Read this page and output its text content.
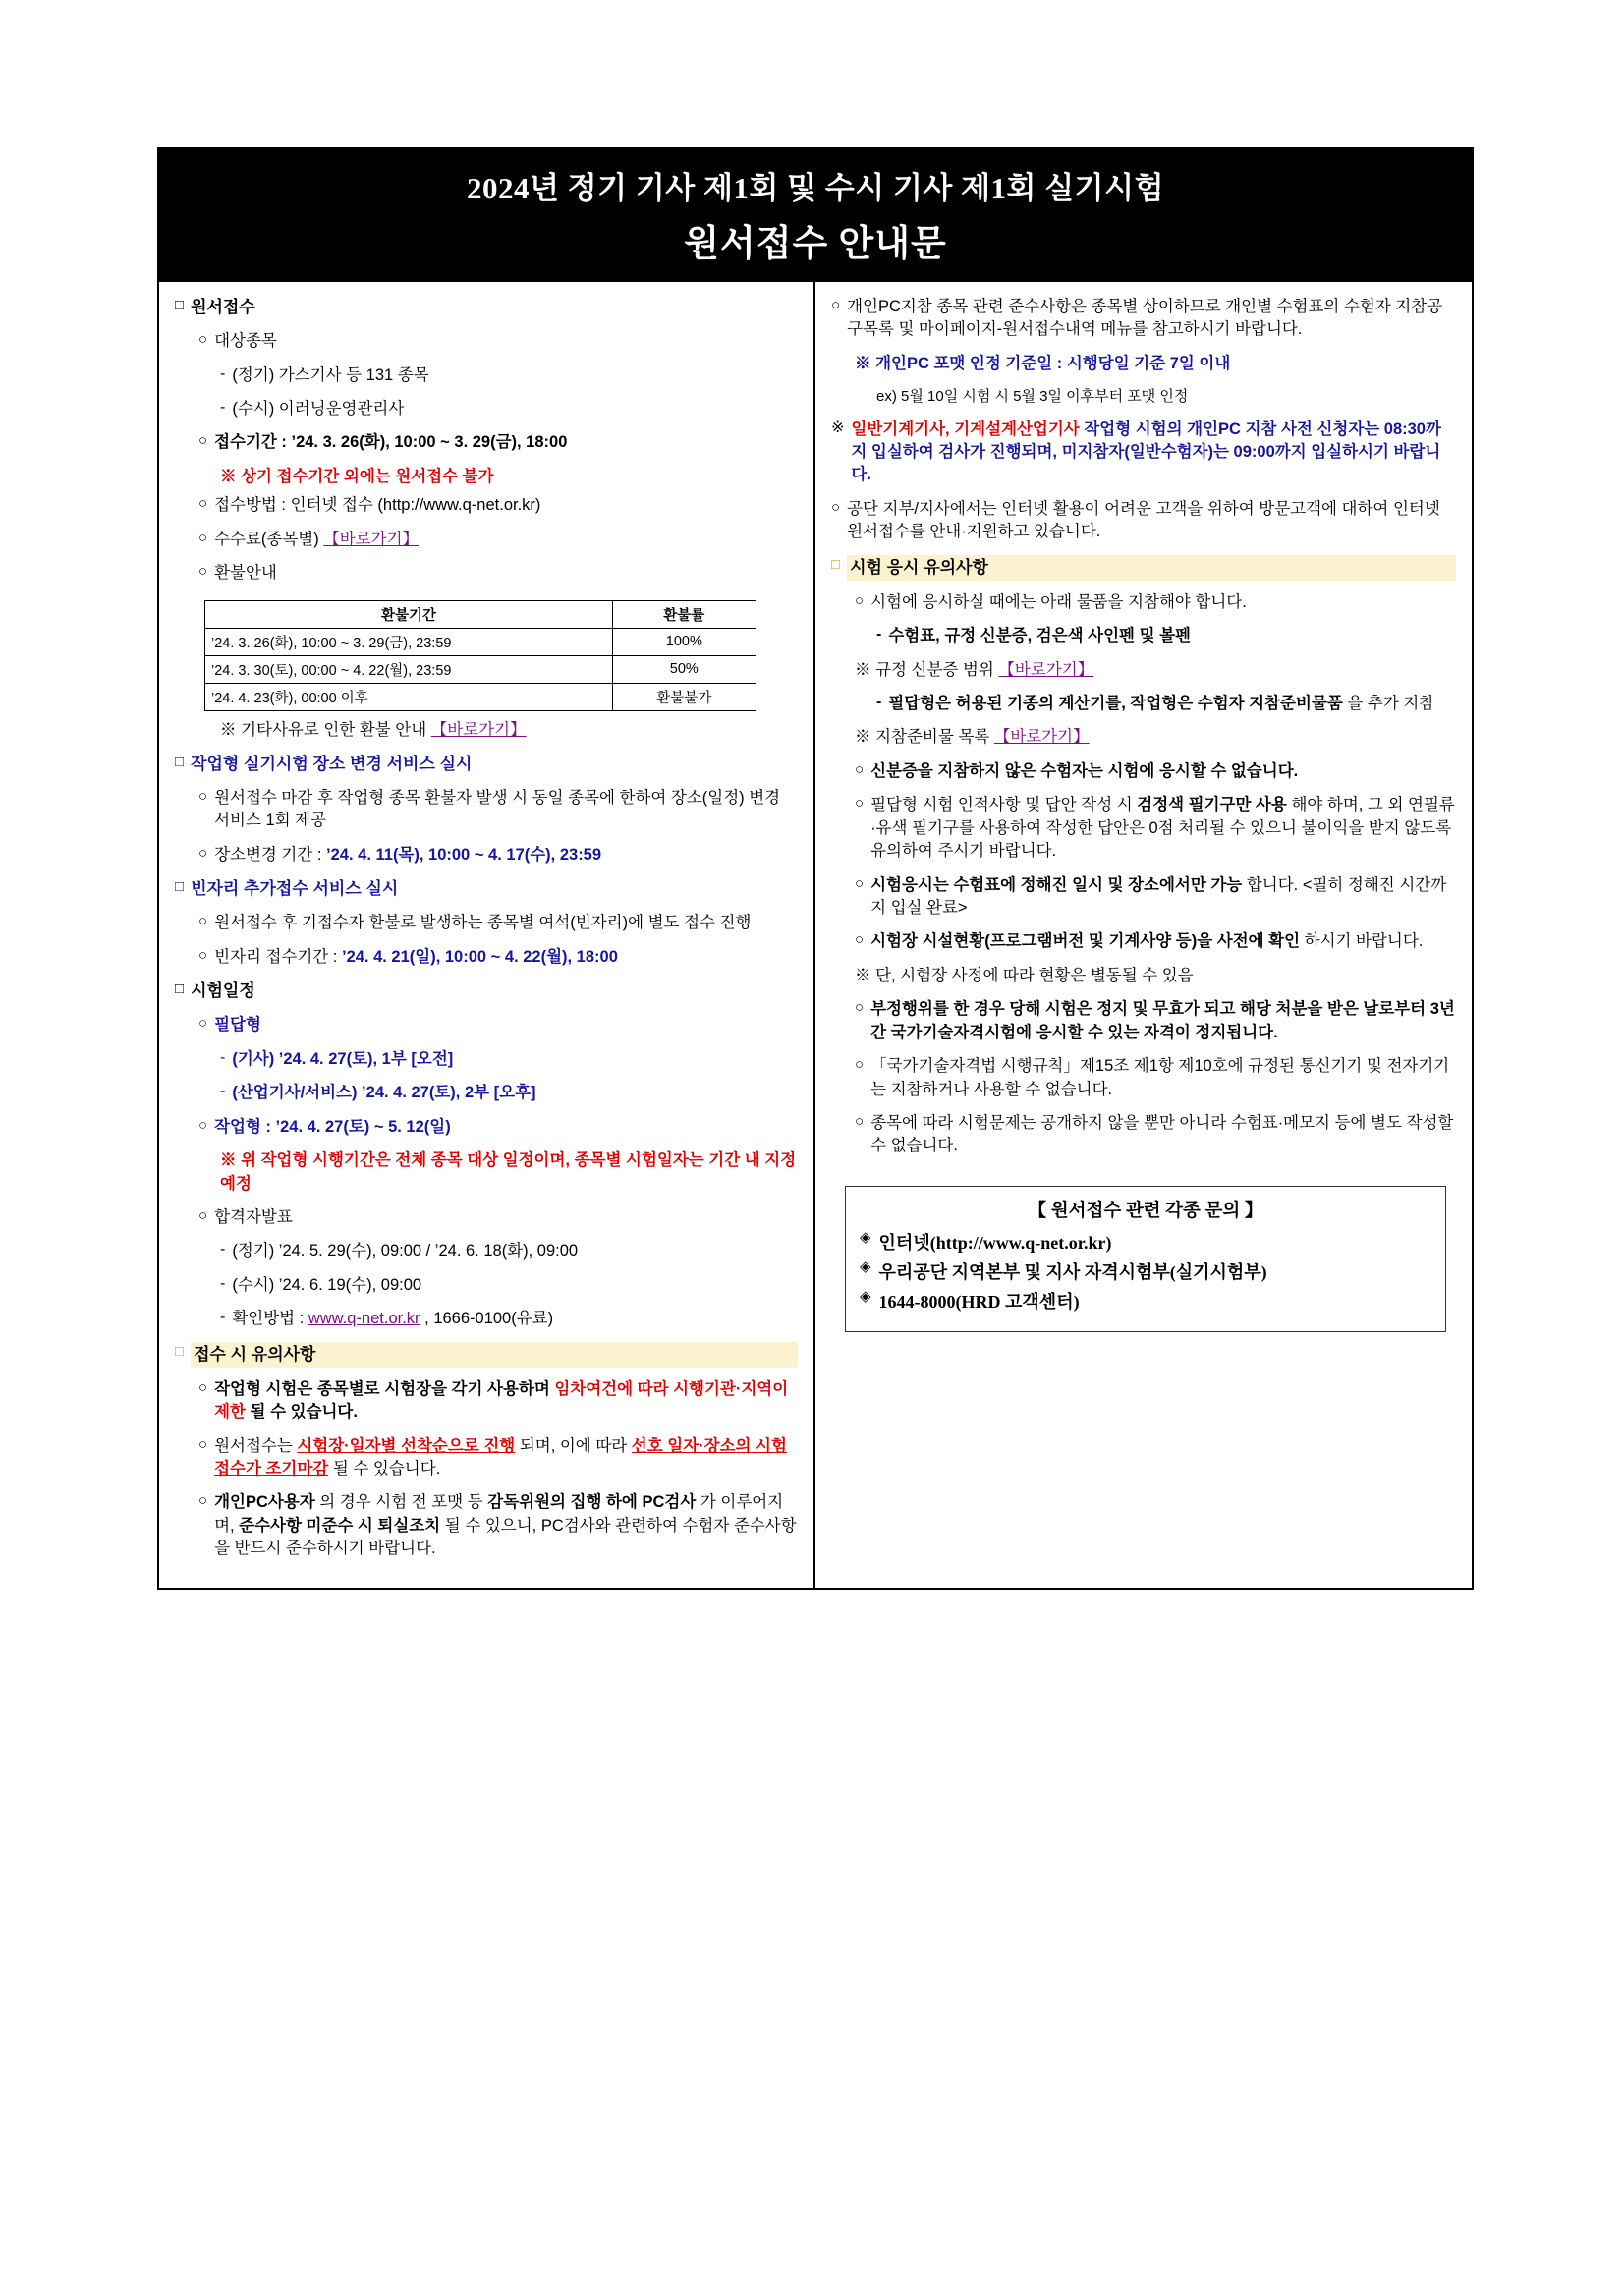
2024년 정기 기사 제1회 및 수시 기사 제1회 실기시험
원서접수 안내문
□ 원서접수
○ 대상종목
- (정기) 가스기사 등 131 종목
- (수시) 이러닝운영관리사
○ 접수기간 : ’24. 3. 26(화), 10:00 ~ 3. 29(금), 18:00
※ 상기 접수기간 외에는 원서접수 불가
○ 접수방법 : 인터넷 접수 (http://www.q-net.or.kr)
○ 수수료(종목별) 【바로가기】
○ 환불안내
환불기간	환불률
’24. 3. 26(화), 10:00 ~ 3. 29(금), 23:59	100%
’24. 3. 30(토), 00:00 ~ 4. 22(월), 23:59	50%
’24. 4. 23(화), 00:00 이후	환불불가
※ 기타사유로 인한 환불 안내 【바로가기】
□ 작업형 실기시험 장소 변경 서비스 실시
○ 원서접수 마감 후 작업형 종목 환불자 발생 시 동일 종목에 한하여 장소(일정) 변경 서비스 1회 제공
○ 장소변경 기간 : ’24. 4. 11(목), 10:00 ~ 4. 17(수), 23:59
□ 빈자리 추가접수 서비스 실시
○ 원서접수 후 기접수자 환불로 발생하는 종목별 여석(빈자리)에 별도 접수 진행
○ 빈자리 접수기간 : ’24. 4. 21(일), 10:00 ~ 4. 22(월), 18:00
□ 시험일정
○ 필답형
- (기사) ’24. 4. 27(토), 1부 [오전]
- (산업기사/서비스) ’24. 4. 27(토), 2부 [오후]
○ 작업형 : ’24. 4. 27(토) ~ 5. 12(일)
※ 위 작업형 시행기간은 전체 종목 대상 일정이며, 종목별 시험일자는 기간 내 지정 예정
○ 합격자발표
- (정기) ’24. 5. 29(수), 09:00 / ’24. 6. 18(화), 09:00
- (수시) ’24. 6. 19(수), 09:00
- 확인방법 : www.q-net.or.kr , 1666-0100(유료)
□ 접수 시 유의사항
○ 작업형 시험은 종목별로 시험장을 각기 사용하며 임차여건에 따라 시행기관·지역이 제한 될 수 있습니다.
○ 원서접수는 시험장·일자별 선착순으로 진행 되며, 이에 따라 선호 일자·장소의 시험접수가 조기마감 될 수 있습니다.
○ 개인PC사용자 의 경우 시험 전 포맷 등 감독위원의 집행 하에 PC검사 가 이루어지며, 준수사항 미준수 시 퇴실조치 될 수 있으니, PC검사와 관련하여 수험자 준수사항을 반드시 준수하시기 바랍니다.
○ 개인PC지참 종목 관련 준수사항은 종목별 상이하므로 개인별 수험표의 수험자 지참공구목록 및 마이페이지-원서접수내역 메뉴를 참고하시기 바랍니다.
※ 개인PC 포맷 인정 기준일 : 시행당일 기준 7일 이내
ex) 5월 10일 시험 시 5월 3일 이후부터 포맷 인정
※ 일반기계기사, 기계설계산업기사 작업형 시험의 개인PC 지참 사전 신청자는 08:30까지 입실하여 검사가 진행되며, 미지참자(일반수험자)는 09:00까지 입실하시기 바랍니다.
○ 공단 지부/지사에서는 인터넷 활용이 어려운 고객을 위하여 방문고객에 대하여 인터넷 원서접수를 안내·지원하고 있습니다.
□ 시험 응시 유의사항
○ 시험에 응시하실 때에는 아래 물품을 지참해야 합니다.
- 수험표, 규정 신분증, 검은색 사인펜 및 볼펜
※ 규정 신분증 범위 【바로가기】
- 필답형은 허용된 기종의 계산기를, 작업형은 수험자 지참준비물품 을 추가 지참
※ 지참준비물 목록 【바로가기】
○ 신분증을 지참하지 않은 수험자는 시험에 응시할 수 없습니다.
○ 필답형 시험 인적사항 및 답안 작성 시 검정색 필기구만 사용 해야 하며, 그 외 연필류·유색 필기구를 사용하여 작성한 답안은 0점 처리될 수 있으니 불이익을 받지 않도록 유의하여 주시기 바랍니다.
○ 시험응시는 수험표에 정해진 일시 및 장소에서만 가능 합니다. <필히 정해진 시간까지 입실 완료>
○ 시험장 시설현황(프로그램버전 및 기계사양 등)을 사전에 확인 하시기 바랍니다.
※ 단, 시험장 사정에 따라 현황은 별동될 수 있음
○ 부정행위를 한 경우 당해 시험은 정지 및 무효가 되고 해당 처분을 받은 날로부터 3년간 국가기술자격시험에 응시할 수 있는 자격이 정지됩니다.
○ 「국가기술자격법 시행규칙」제15조 제1항 제10호에 규정된 통신기기 및 전자기기는 지참하거나 사용할 수 없습니다.
○ 종목에 따라 시험문제는 공개하지 않을 뿐만 아니라 수험표·메모지 등에 별도 작성할 수 없습니다.
【 원서접수 관련 각종 문의 】
◈ 인터넷(http://www.q-net.or.kr)
◈ 우리공단 지역본부 및 지사 자격시험부(실기시험부)
◈ 1644-8000(HRD 고객센터)
